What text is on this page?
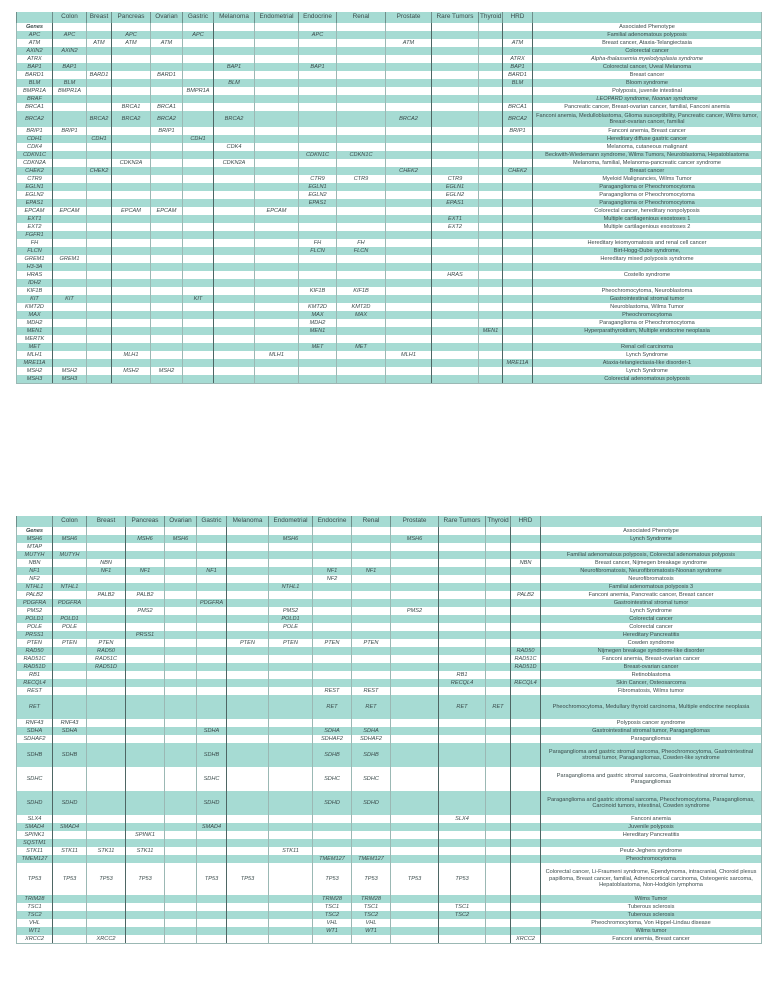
	Colon	Breast	Pancreas	Ovarian	Gastric	Melanoma	Endometrial	Endocrine	Renal	Prostate	Rare Tumors	Thyroid	HRD	
Genes														Associated Phenotype
APC	APC		APC		APC			APC						Familial adenomatous polyposis
ATM		ATM	ATM	ATM						ATM			ATM	Breast cancer, Ataxia-Telangiectasia
AXIN2	AXIN2													Colorectal cancer
ATRX													ATRX	Alpha-thalassemia myelodysplasia syndrome
BAP1	BAP1					BAP1		BAP1					BAP1	Colorectal cancer, Uveal Melanoma
BARD1		BARD1		BARD1									BARD1	Breast cancer
BLM	BLM					BLM							BLM	Bloom syndrome
BMPR1A	BMPR1A				BMPR1A									Polyposis, juvenile intestinal
BRAF														LEOPARD syndrome, Noonan syndrome
BRCA1			BRCA1	BRCA1									BRCA1	Pancreatic cancer, Breast-ovarian cancer, familial, Fanconi anemia
BRCA2		BRCA2	BRCA2	BRCA2		BRCA2				BRCA2			BRCA2	Fanconi anemia, Medulloblastoma, Glioma susceptibility, Pancreatic cancer, Wilms tumor, Breast-ovarian cancer, familial
BRIP1	BRIP1			BRIP1									BRIP1	Fanconi anemia, Breast cancer
CDH1		CDH1			CDH1									Hereditary diffuse gastric cancer
CDK4						CDK4								Melanoma, cutaneous malignant
CDKN1C								CDKN1C	CDKN1C					Beckwith-Wiedemann syndrome, Wilms Tumors, Neuroblastoma, Hepatoblastoma
CDKN2A			CDKN2A			CDKN2A								Melanoma, familial, Melanoma-pancreatic cancer syndrome
CHEK2		CHEK2								CHEK2			CHEK2	Breast cancer
CTR9								CTR9	CTR9		CTR9			Myeloid Malignancies, Wilms Tumor
EGLN1								EGLN1			EGLN1			Paraganglioma or Pheochromocytoma
EGLN2								EGLN2			EGLN2			Paraganglioma or Pheochromocytoma
EPAS1								EPAS1			EPAS1			Paraganglioma or Pheochromocytoma
EPCAM	EPCAM		EPCAM	EPCAM			EPCAM							Colorectal cancer, hereditary nonpolyposis
EXT1											EXT1			Multiple cartilagenious exostoses 1
EXT2											EXT2			Multiple cartilagenious exostoses 2
FGFR1														
FH								FH	FH					Hereditary leiomyomatosis and renal cell cancer
FLCN								FLCN	FLCN					Birt-Hogg-Dube syndrome,
GREM1	GREM1													Hereditary mixed polyposis syndrome
H3-3A														
HRAS											HRAS			Costello syndrome
IDH2														
KIF1B								KIF1B	KIF1B					Pheochromocytoma, Neuroblastoma
KIT	KIT				KIT									Gastrointestinal stromal tumor
KMT2D								KMT2D	KMT2D					Neuroblastoma, Wilms Tumor
MAX								MAX	MAX					Pheochromocytoma
MDH2								MDH2						Paraganglioma or Pheochromocytoma
MEN1								MEN1				MEN1		Hyperparathyroidism, Multiple endocrine neoplasia
MERTK														
MET								MET	MET					Renal cell carcinoma
MLH1			MLH1				MLH1			MLH1				Lynch Syndrome
MRE11A													MRE11A	Ataxia-telangiectasia-like disorder-1
MSH2	MSH2		MSH2	MSH2										Lynch Syndrome
MSH3	MSH3													Colorectal adenomatous polyposis
	Colon	Breast	Pancreas	Ovarian	Gastric	Melanoma	Endometrial	Endocrine	Renal	Prostate	Rare Tumors	Thyroid	HRD	
Genes														Associated Phenotype
MSH6	MSH6		MSH6	MSH6			MSH6			MSH6				Lynch Syndrome
MTAP														
MUTYH	MUTYH													Familial adenomatous polyposis, Colorectal adenomatous polyposis
NBN		NBN											NBN	Breast cancer, Nijmegen breakage syndrome
NF1		NF1	NF1		NF1			NF1	NF1					Neurofibromatosis, Neurofibromatosis-Noonan syndrome
NF2								NF2						Neurofibromatosis
NTHL1	NTHL1						NTHL1							Familial adenomatous polyposis 3
PALB2		PALB2	PALB2										PALB2	Fanconi anemia, Pancreatic cancer, Breast cancer
PDGFRA	PDGFRA				PDGFRA									Gastrointestinal stromal tumor
PMS2			PMS2				PMS2			PMS2				Lynch Syndrome
POLD1	POLD1						POLD1							Colorectal cancer
POLE	POLE						POLE							Colorectal cancer
PRSS1			PRSS1											Hereditary Pancreatitis
PTEN	PTEN	PTEN				PTEN	PTEN	PTEN	PTEN					Cowden syndrome
RAD50		RAD50											RAD50	Nijmegen breakage syndrome-like disorder
RAD51C		RAD51C											RAD51C	Fanconi anemia, Breast-ovarian cancer
RAD51D		RAD51D											RAD51D	Breast-ovarian cancer
RB1											RB1			Retinoblastoma
RECQL4											RECQL4		RECQL4	Skin Cancer, Osteosarcoma
REST								REST	REST					Fibromatosis, Wilms tumor
RET								RET	RET		RET	RET		Pheochromocytoma, Medullary thyroid carcinoma, Multiple endocrine neoplasia
RNF43	RNF43													Polyposis cancer syndrome
SDHA	SDHA				SDHA			SDHA	SDHA					Gastrointestinal stromal tumor, Paragangliomas
SDHAF2								SDHAF2	SDHAF2					Paragangliomas
SDHB	SDHB				SDHB			SDHB	SDHB					Paraganglioma and gastric stromal sarcoma, Pheochromocytoma, Gastrointestinal stromal tumor, Paragangliomas, Cowden-like syndrome
SDHC					SDHC			SDHC	SDHC					Paraganglioma and gastric stromal sarcoma, Gastrointestinal stromal tumor, Paragangliomas
SDHD	SDHD				SDHD			SDHD	SDHD					Paraganglioma and gastric stromal sarcoma, Pheochromocytoma, Paragangliomas, Carcinoid tumors, intestinal, Cowden syndrome
SLX4											SLX4			Fanconi anemia
SMAD4	SMAD4				SMAD4									Juvenile polyposis
SPINK1			SPINK1											Hereditary Pancreatitis
SQSTM1														
STK11	STK11	STK11	STK11				STK11							Peutz-Jeghers syndrome
TMEM127								TMEM127	TMEM127					Pheochromocytoma
TP53	TP53	TP53	TP53		TP53	TP53		TP53	TP53	TP53	TP53			Colorectal cancer, Li-Fraumeni syndrome, Ependymoma, intracranial, Choroid plexus papilloma, Breast cancer, familial, Adrenocortical carcinoma, Osteogenic sarcoma, Hepatoblastoma, Non-Hodgkin lymphoma
TRIM28								TRIM28	TRIM28					Wilms Tumor
TSC1								TSC1	TSC1		TSC1			Tuberous sclerosis
TSC2								TSC2	TSC2		TSC2			Tuberous sclerosis
VHL								VHL	VHL					Pheochromocytoma, Von Hippel-Lindau disease
WT1								WT1	WT1					Wilms tumor
XRCC2		XRCC2											XRCC2	Fanconi anemia, Breast cancer
